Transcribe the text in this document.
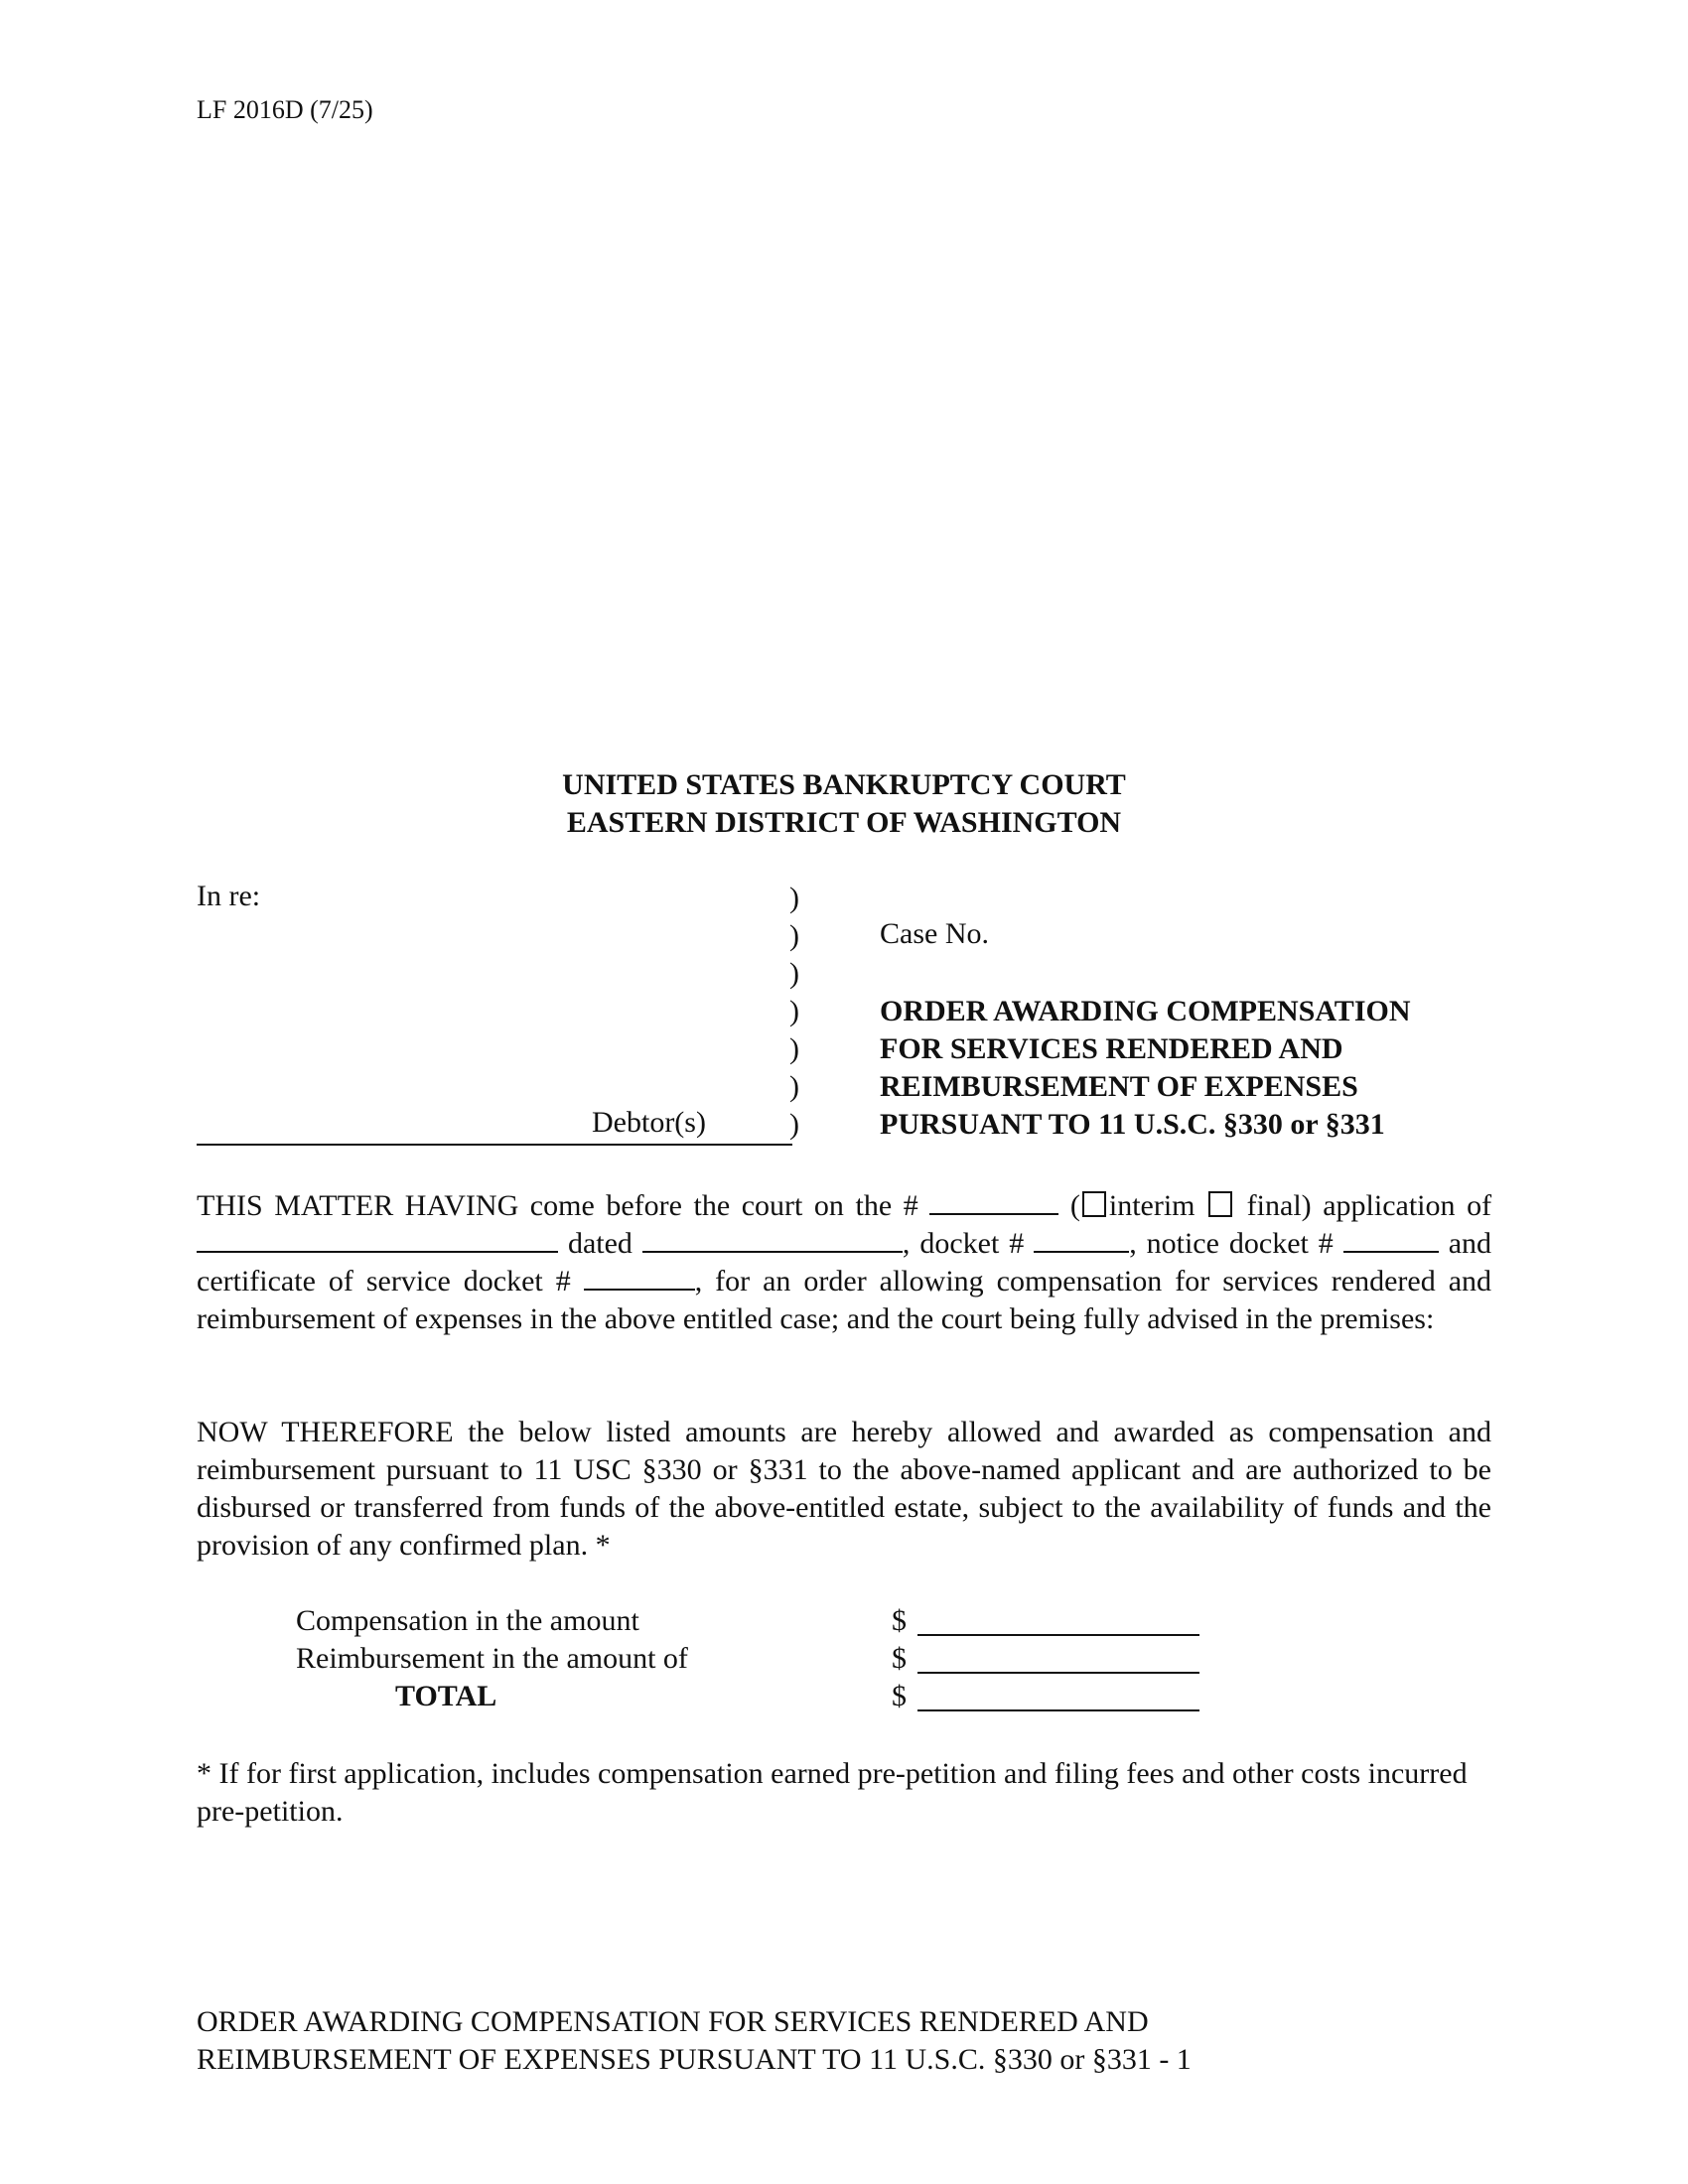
LF 2016D (7/25)
UNITED STATES BANKRUPTCY COURT
EASTERN DISTRICT OF WASHINGTON
In re:
Debtor(s)
)
)
)
)
)
)
)
Case No.
ORDER AWARDING COMPENSATION
FOR SERVICES RENDERED AND
REIMBURSEMENT OF EXPENSES
PURSUANT TO 11 U.S.C. §330 or §331
THIS MATTER HAVING come before the court on the #	( interim final) application of  dated	, docket #	, notice docket #	and certificate of service docket #	, for an order allowing compensation for services rendered and reimbursement of expenses in the above entitled case; and the court being fully advised in the premises:
NOW THEREFORE the below listed amounts are hereby allowed and awarded as compensation and reimbursement pursuant to 11 USC §330 or §331 to the above-named applicant and are authorized to be disbursed or transferred from funds of the above-entitled estate, subject to the availability of funds and the provision of any confirmed plan. *
Compensation in the amount	$
Reimbursement in the amount of	$
TOTAL	$
* If for first application, includes compensation earned pre-petition and filing fees and other costs incurred pre-petition.
ORDER AWARDING COMPENSATION FOR SERVICES RENDERED AND
REIMBURSEMENT OF EXPENSES PURSUANT TO 11 U.S.C. §330 or §331 - 1
